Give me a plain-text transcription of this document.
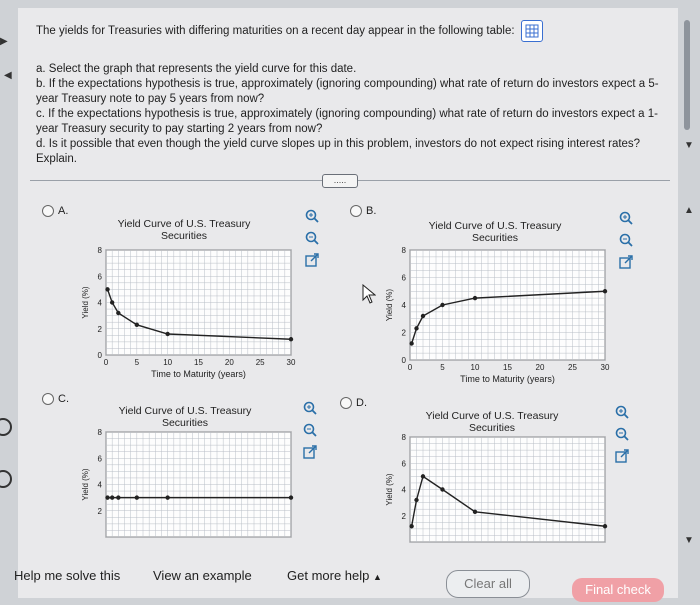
▶
◀
The yields for Treasuries with differing maturities on a recent day appear in the following table:

a. Select the graph that represents the yield curve for this date.

b. If the expectations hypothesis is true, approximately (ignoring compounding) what rate of return do investors expect a 5-year Treasury note to pay 5 years from now?

c. If the expectations hypothesis is true, approximately (ignoring compounding) what rate of return do investors expect a 1-year Treasury security to pay starting 2 years from now?

d. Is it possible that even though the yield curve slopes up in this problem, investors do not expect rising interest rates? Explain.

.....
▼
▲
▼
A.
Yield Curve of U.S. Treasury Securities
0
2
4
6
8
0	5	10	15	20	25	30
Time to Maturity (years)
Yield (%)
B.
Yield Curve of U.S. Treasury Securities
0
2
4
6
8
0	5	10	15	20	25	30
Time to Maturity (years)
Yield (%)
C.
Yield Curve of U.S. Treasury Securities
2
4
6
8
Yield (%)
D.
Yield Curve of U.S. Treasury Securities
2
4
6
8
Yield (%)
Help me solve this	View an example	Get more help ▲	Clear all	Final check
